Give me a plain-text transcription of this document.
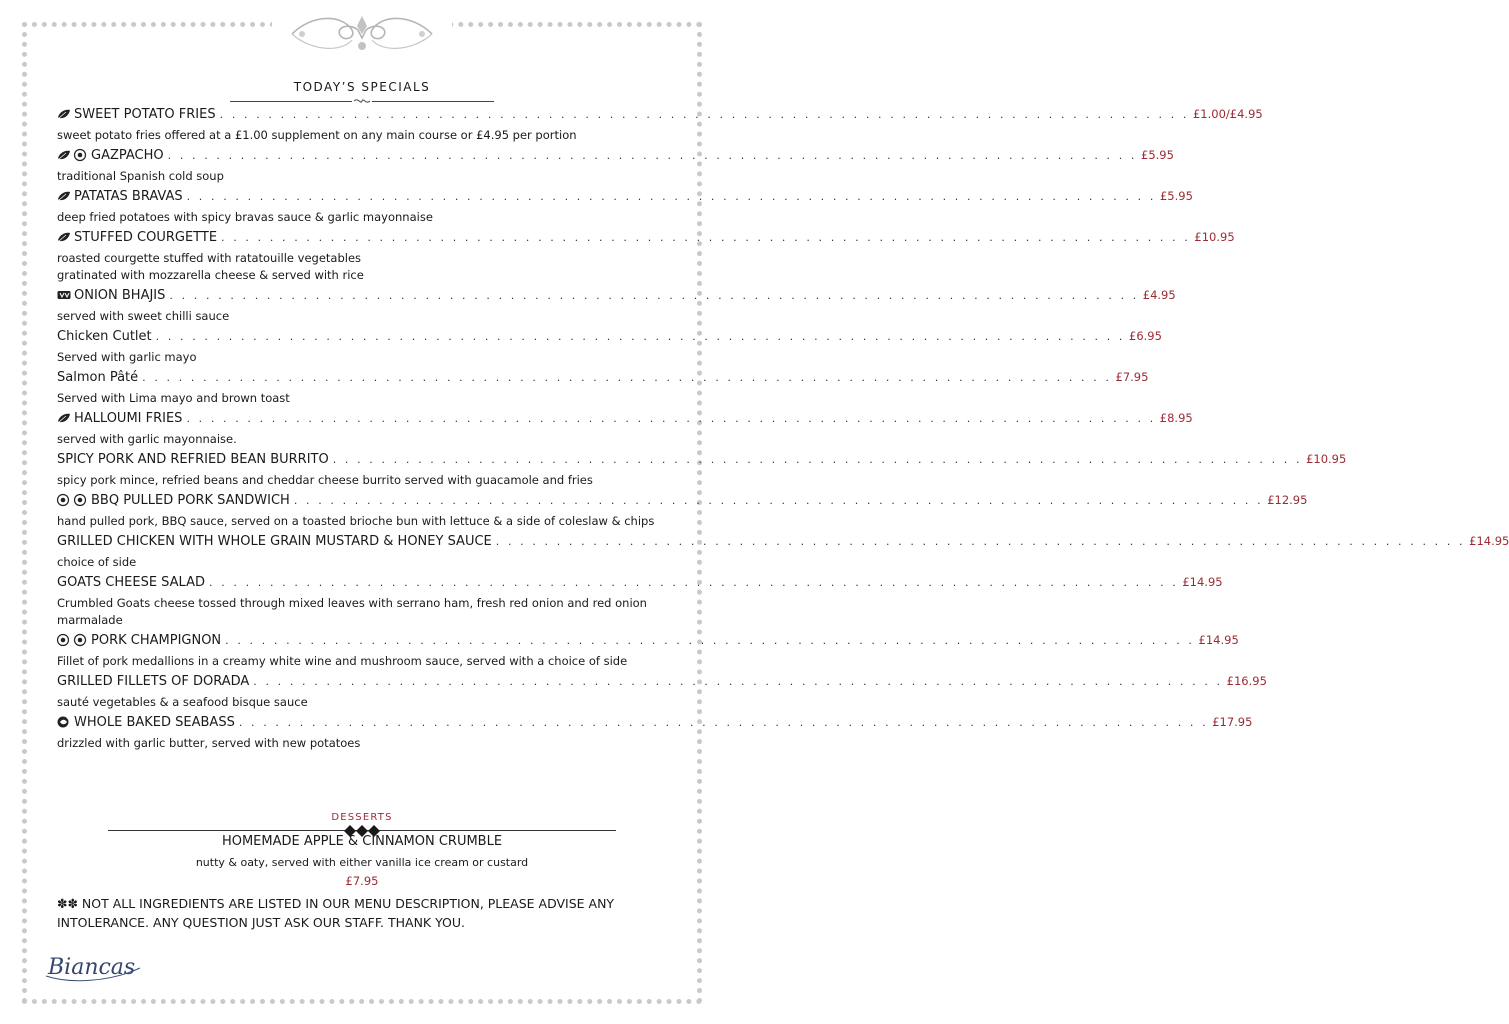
TODAY’S SPECIALS
SWEET POTATO FRIES . . . . . . . . . . . . . . . . . . . . . . . . . . . . . . . . . . . . . . . . . . . . . . . . . . . . . . . . . . . . . . . . . . . . . . . . . . . . . . . . £1.00/£4.95
sweet potato fries offered at a £1.00 supplement on any main course or £4.95 per portion
GAZPACHO . . . . . . . . . . . . . . . . . . . . . . . . . . . . . . . . . . . . . . . . . . . . . . . . . . . . . . . . . . . . . . . . . . . . . . . . . . . . . . . . £5.95
traditional Spanish cold soup
PATATAS BRAVAS . . . . . . . . . . . . . . . . . . . . . . . . . . . . . . . . . . . . . . . . . . . . . . . . . . . . . . . . . . . . . . . . . . . . . . . . . . . . . . . . £5.95
deep fried potatoes with spicy bravas sauce & garlic mayonnaise
STUFFED COURGETTE . . . . . . . . . . . . . . . . . . . . . . . . . . . . . . . . . . . . . . . . . . . . . . . . . . . . . . . . . . . . . . . . . . . . . . . . . . . . . . . . £10.95
roasted courgette stuffed with ratatouille vegetables
gratinated with mozzarella cheese & served with rice
ONION BHAJIS . . . . . . . . . . . . . . . . . . . . . . . . . . . . . . . . . . . . . . . . . . . . . . . . . . . . . . . . . . . . . . . . . . . . . . . . . . . . . . . . £4.95
served with sweet chilli sauce
Chicken Cutlet . . . . . . . . . . . . . . . . . . . . . . . . . . . . . . . . . . . . . . . . . . . . . . . . . . . . . . . . . . . . . . . . . . . . . . . . . . . . . . . . £6.95
Served with garlic mayo
Salmon Pâté . . . . . . . . . . . . . . . . . . . . . . . . . . . . . . . . . . . . . . . . . . . . . . . . . . . . . . . . . . . . . . . . . . . . . . . . . . . . . . . . £7.95
Served with Lima mayo and brown toast
HALLOUMI FRIES . . . . . . . . . . . . . . . . . . . . . . . . . . . . . . . . . . . . . . . . . . . . . . . . . . . . . . . . . . . . . . . . . . . . . . . . . . . . . . . . £8.95
served with garlic mayonnaise.
SPICY PORK AND REFRIED BEAN BURRITO . . . . . . . . . . . . . . . . . . . . . . . . . . . . . . . . . . . . . . . . . . . . . . . . . . . . . . . . . . . . . . . . . . . . . . . . . . . . . . . . £10.95
spicy pork mince, refried beans and cheddar cheese burrito served with guacamole and fries
BBQ PULLED PORK SANDWICH . . . . . . . . . . . . . . . . . . . . . . . . . . . . . . . . . . . . . . . . . . . . . . . . . . . . . . . . . . . . . . . . . . . . . . . . . . . . . . . . £12.95
hand pulled pork, BBQ sauce, served on a toasted brioche bun with lettuce & a side of coleslaw & chips
GRILLED CHICKEN WITH WHOLE GRAIN MUSTARD & HONEY SAUCE . . . . . . . . . . . . . . . . . . . . . . . . . . . . . . . . . . . . . . . . . . . . . . . . . . . . . . . . . . . . . . . . . . . . . . . . . . . . . . . . £14.95
choice of side
GOATS CHEESE SALAD . . . . . . . . . . . . . . . . . . . . . . . . . . . . . . . . . . . . . . . . . . . . . . . . . . . . . . . . . . . . . . . . . . . . . . . . . . . . . . . . £14.95
Crumbled Goats cheese tossed through mixed leaves with serrano ham, fresh red onion and red onion marmalade
PORK CHAMPIGNON . . . . . . . . . . . . . . . . . . . . . . . . . . . . . . . . . . . . . . . . . . . . . . . . . . . . . . . . . . . . . . . . . . . . . . . . . . . . . . . . £14.95
Fillet of pork medallions in a creamy white wine and mushroom sauce, served with a choice of side
GRILLED FILLETS OF DORADA . . . . . . . . . . . . . . . . . . . . . . . . . . . . . . . . . . . . . . . . . . . . . . . . . . . . . . . . . . . . . . . . . . . . . . . . . . . . . . . . £16.95
sauté vegetables & a seafood bisque sauce
WHOLE BAKED SEABASS . . . . . . . . . . . . . . . . . . . . . . . . . . . . . . . . . . . . . . . . . . . . . . . . . . . . . . . . . . . . . . . . . . . . . . . . . . . . . . . . £17.95
drizzled with garlic butter, served with new potatoes
DESSERTS
HOMEMADE APPLE & CINNAMON CRUMBLE
nutty & oaty, served with either vanilla ice cream or custard
£7.95
✽✽ NOT ALL INGREDIENTS ARE LISTED IN OUR MENU DESCRIPTION, PLEASE ADVISE ANY INTOLERANCE. ANY QUESTION JUST ASK OUR STAFF. THANK YOU.
Biancas
